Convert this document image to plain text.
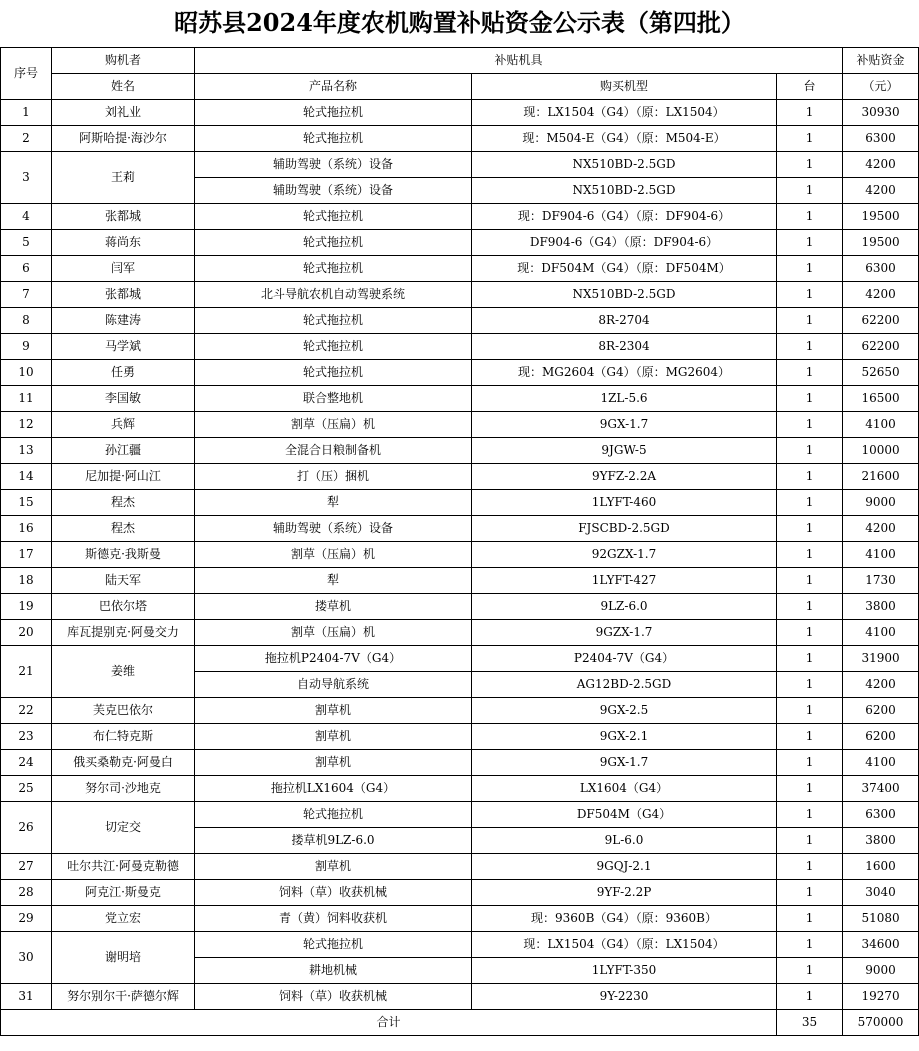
昭苏县2024年度农机购置补贴资金公示表（第四批）
序号	购机者	补贴机具			补贴资金
	姓名	产品名称	购买机型	台	（元）
1	刘礼业	轮式拖拉机	现：LX1504（G4）（原：LX1504）	1	30930
2	阿斯哈提·海沙尔	轮式拖拉机	现：M504-E（G4）（原：M504-E）	1	6300
3	王莉	辅助驾驶（系统）设备	NX510BD-2.5GD	1	4200
		辅助驾驶（系统）设备	NX510BD-2.5GD	1	4200
4	张都城	轮式拖拉机	现：DF904-6（G4）（原：DF904-6）	1	19500
5	蒋尚东	轮式拖拉机	DF904-6（G4）（原：DF904-6）	1	19500
6	闫军	轮式拖拉机	现：DF504M（G4）（原：DF504M）	1	6300
7	张都城	北斗导航农机自动驾驶系统	NX510BD-2.5GD	1	4200
8	陈建涛	轮式拖拉机	8R-2704	1	62200
9	马学斌	轮式拖拉机	8R-2304	1	62200
10	任勇	轮式拖拉机	现：MG2604（G4）（原：MG2604）	1	52650
11	李国敏	联合整地机	1ZL-5.6	1	16500
12	兵辉	割草（压扁）机	9GX-1.7	1	4100
13	孙江疆	全混合日粮制备机	9JGW-5	1	10000
14	尼加提·阿山江	打（压）捆机	9YFZ-2.2A	1	21600
15	程杰	犁	1LYFT-460	1	9000
16	程杰	辅助驾驶（系统）设备	FJSCBD-2.5GD	1	4200
17	斯德克·我斯曼	割草（压扁）机	92GZX-1.7	1	4100
18	陆天军	犁	1LYFT-427	1	1730
19	巴依尔塔	搂草机	9LZ-6.0	1	3800
20	库瓦提别克·阿曼交力	割草（压扁）机	9GZX-1.7	1	4100
21	姜维	拖拉机P2404-7V（G4）	P2404-7V（G4）	1	31900
		自动导航系统	AG12BD-2.5GD	1	4200
22	芙克巴依尔	割草机	9GX-2.5	1	6200
23	布仁特克斯	割草机	9GX-2.1	1	6200
24	俄买桑勒克·阿曼白	割草机	9GX-1.7	1	4100
25	努尔司·沙地克	拖拉机LX1604（G4）	LX1604（G4）	1	37400
26	切定交	轮式拖拉机	DF504M（G4）	1	6300
		搂草机9LZ-6.0	9L-6.0	1	3800
27	吐尔共江·阿曼克勒德	割草机	9GQJ-2.1	1	1600
28	阿克江·斯曼克	饲料（草）收获机械	9YF-2.2P	1	3040
29	党立宏	青（黄）饲料收获机	现：9360B（G4）（原：9360B）	1	51080
30	谢明培	轮式拖拉机	现：LX1504（G4）（原：LX1504）	1	34600
		耕地机械	1LYFT-350	1	9000
31	努尔别尔干·萨德尔辉	饲料（草）收获机械	9Y-2230	1	19270
合计				35	570000
